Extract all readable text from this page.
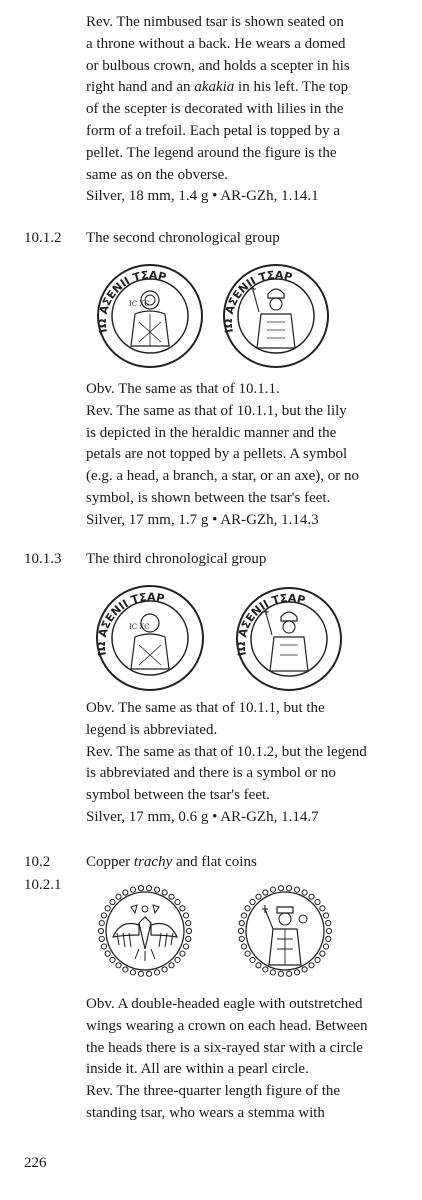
Rev. The nimbused tsar is shown seated on

a throne without a back. He wears a domed

or bulbous crown, and holds a scepter in his

right hand and an akakia in his left. The top

of the scepter is decorated with lilies in the

form of a trefoil. Each petal is topped by a

pellet. The legend around the figure is the

same as on the obverse.

Silver, 18 mm, 1.4 g • AR-GZh, 1.14.1

10.1.2 The second chronological group
ΙΩ ΑΣΕΝΙΙ ΤΣΑΡ
IC XC
ΙΩ ΑΣΕΝΙΙ ΤΣΑΡ

Obv. The same as that of 10.1.1.

Rev. The same as that of 10.1.1, but the lily

is depicted in the heraldic manner and the

petals are not topped by a pellets. A symbol

(e.g. a head, a branch, a star, or an axe), or no

symbol, is shown between the tsar's feet.

Silver, 17 mm, 1.7 g • AR-GZh, 1.14.3

10.1.3 The third chronological group
ΙΩ ΑΣΕΝΙΙ ΤΣΑΡ
IC XC
ΙΩ ΑΣΕΝΙΙ ΤΣΑΡ

Obv. The same as that of 10.1.1, but the

legend is abbreviated.

Rev. The same as that of 10.1.2, but the legend

is abbreviated and there is a symbol or no

symbol between the tsar's feet.

Silver, 17 mm, 0.6 g • AR-GZh, 1.14.7

10.2 Copper trachy and flat coins
10.2.1

Obv. A double-headed eagle with outstretched

wings wearing a crown on each head. Between

the heads there is a six-rayed star with a circle

inside it. All are within a pearl circle.

Rev. The three-quarter length figure of the

standing tsar, who wears a stemma with

226
